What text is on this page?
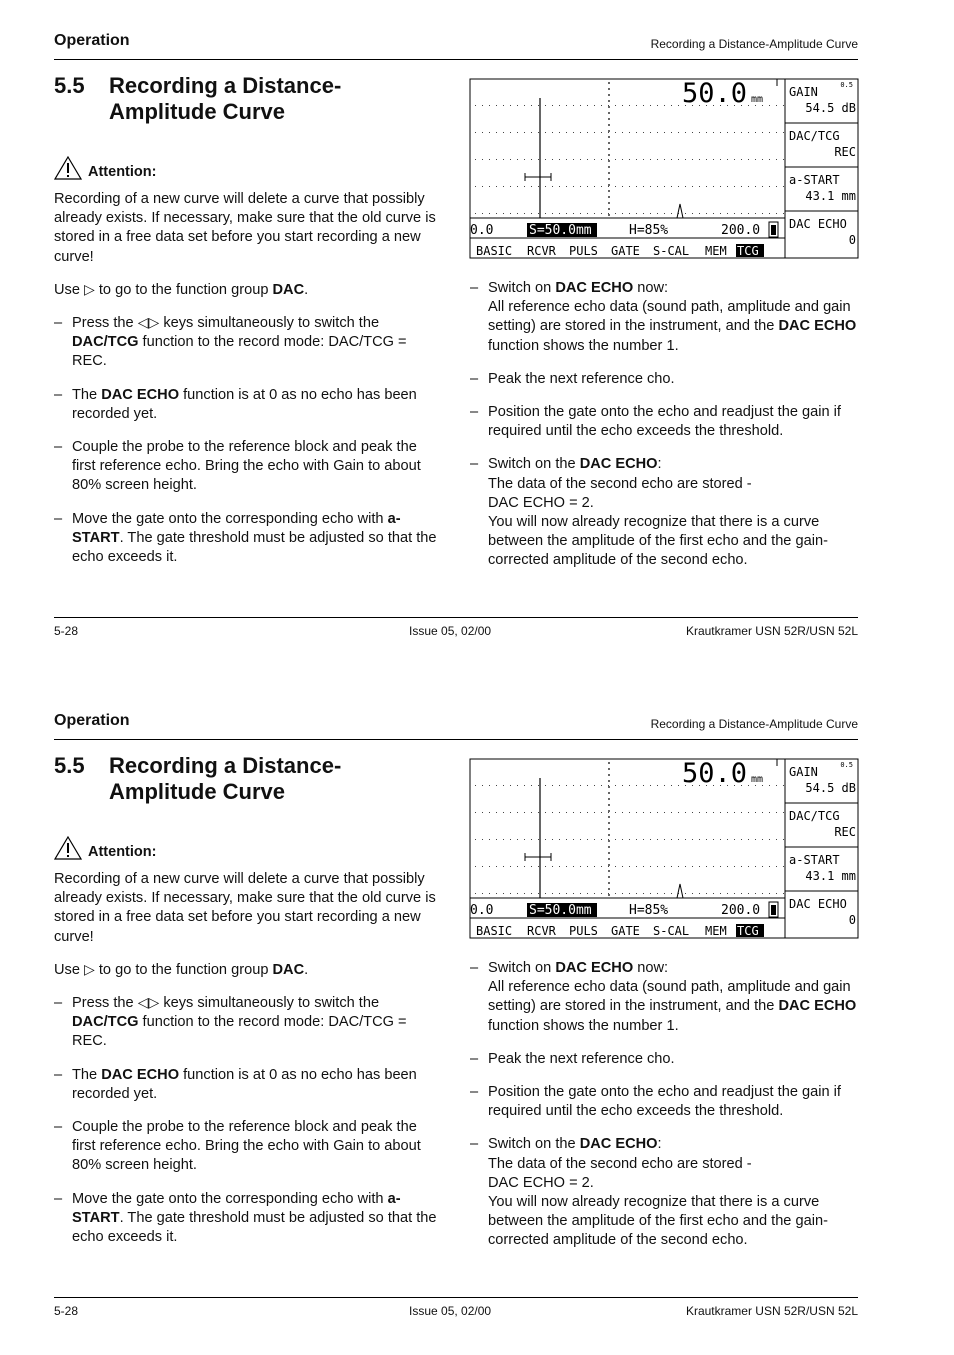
Operation	Recording a Distance-Amplitude Curve
5.5 Recording a Distance-
Amplitude Curve
Attention:

Recording of a new curve will delete a curve that possibly already exists. If necessary, make sure that the old curve is stored in a free data set before you start recording a new curve!

Use ▷ to go to the function group DAC.

– Press the ◁▷ keys simultaneously to switch the DAC/TCG function to the record mode: DAC/TCG = REC.
– The DAC ECHO function is at 0 as no echo has been recorded yet.
– Couple the probe to the reference block and peak the first reference echo. Bring the echo with Gain to about 80% screen height.
– Move the gate onto the corresponding echo with a-START. The gate threshold must be adjusted so that the echo exceeds it.
50.0 mm
0.0	S=50.0mm	H=85%	200.0
BASIC RCVR PULS GATE S-CAL MEM TCG
GAIN
54.5 dB
0.5
DAC/TCG
REC
a-START
43.1 mm
DAC ECHO
0
– Switch on DAC ECHO now:
All reference echo data (sound path, amplitude and gain setting) are stored in the instrument, and the DAC ECHO function shows the number 1.
– Peak the next reference cho.
– Position the gate onto the echo and readjust the gain if required until the echo exceeds the threshold.
– Switch on the DAC ECHO:
The data of the second echo are stored -
DAC ECHO = 2.
You will now already recognize that there is a curve between the amplitude of the first echo and the gain-corrected amplitude of the second echo.
5-28	Issue 05, 02/00	Krautkramer USN 52R/USN 52L
Operation	Recording a Distance-Amplitude Curve
5.5 Recording a Distance-
Amplitude Curve
Attention:

Recording of a new curve will delete a curve that possibly already exists. If necessary, make sure that the old curve is stored in a free data set before you start recording a new curve!

Use ▷ to go to the function group DAC.

– Press the ◁▷ keys simultaneously to switch the DAC/TCG function to the record mode: DAC/TCG = REC.
– The DAC ECHO function is at 0 as no echo has been recorded yet.
– Couple the probe to the reference block and peak the first reference echo. Bring the echo with Gain to about 80% screen height.
– Move the gate onto the corresponding echo with a-START. The gate threshold must be adjusted so that the echo exceeds it.
50.0 mm
0.0	S=50.0mm	H=85%	200.0
BASIC RCVR PULS GATE S-CAL MEM TCG
GAIN
54.5 dB
0.5
DAC/TCG
REC
a-START
43.1 mm
DAC ECHO
0
– Switch on DAC ECHO now:
All reference echo data (sound path, amplitude and gain setting) are stored in the instrument, and the DAC ECHO function shows the number 1.
– Peak the next reference cho.
– Position the gate onto the echo and readjust the gain if required until the echo exceeds the threshold.
– Switch on the DAC ECHO:
The data of the second echo are stored -
DAC ECHO = 2.
You will now already recognize that there is a curve between the amplitude of the first echo and the gain-corrected amplitude of the second echo.
5-28	Issue 05, 02/00	Krautkramer USN 52R/USN 52L
